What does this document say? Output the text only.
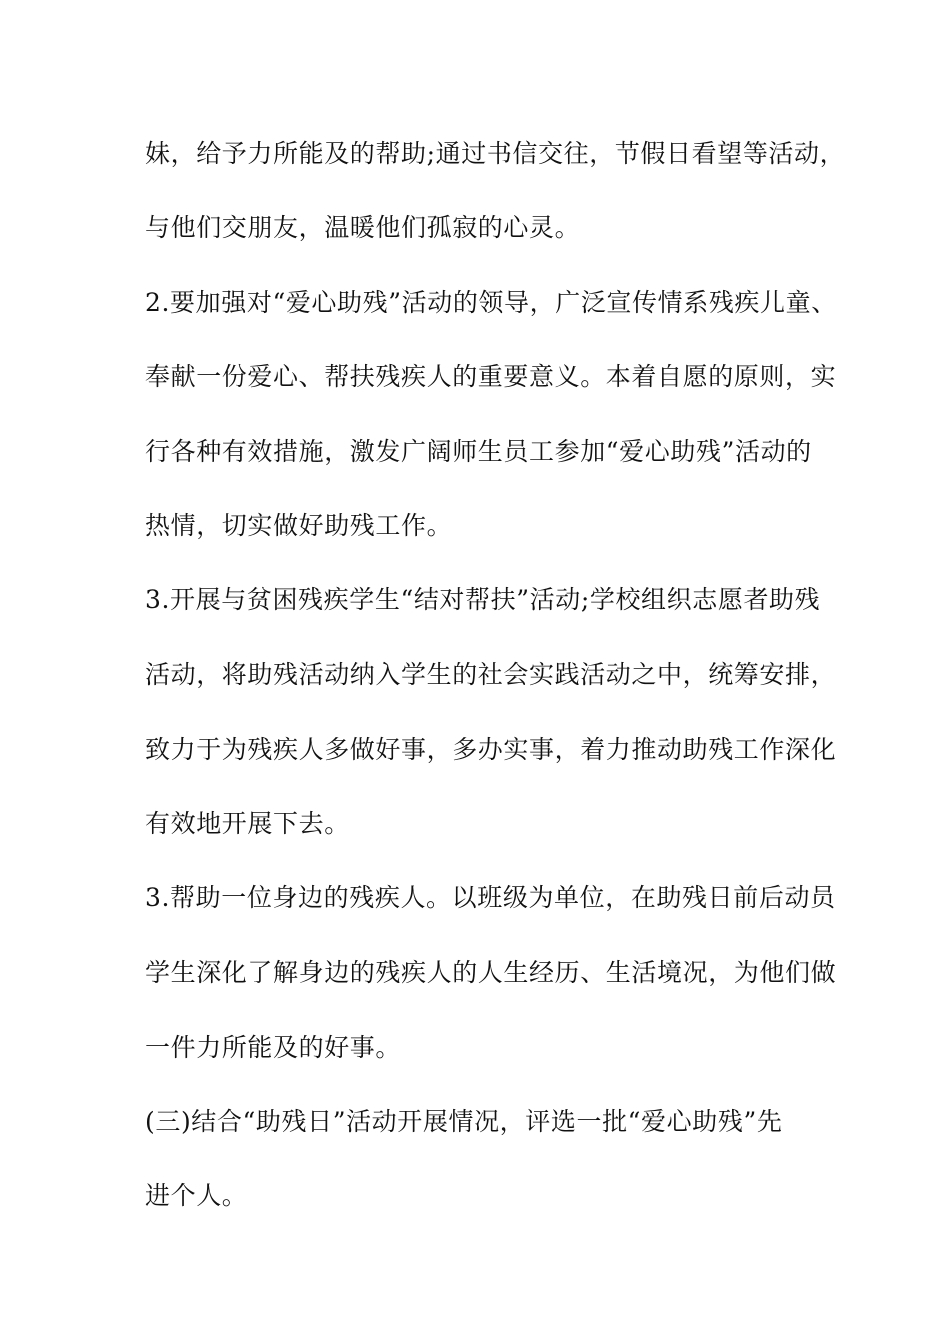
妹，给予力所能及的帮助;通过书信交往，节假日看望等活动，
与他们交朋友，温暖他们孤寂的心灵。
2.要加强对“爱心助残”活动的领导，广泛宣传情系残疾儿童、
奉献一份爱心、帮扶残疾人的重要意义。本着自愿的原则，实
行各种有效措施，激发广阔师生员工参加“爱心助残”活动的
热情，切实做好助残工作。
3.开展与贫困残疾学生“结对帮扶”活动;学校组织志愿者助残
活动，将助残活动纳入学生的社会实践活动之中，统筹安排，
致力于为残疾人多做好事，多办实事，着力推动助残工作深化
有效地开展下去。
3.帮助一位身边的残疾人。以班级为单位，在助残日前后动员
学生深化了解身边的残疾人的人生经历、生活境况，为他们做
一件力所能及的好事。
(三)结合“助残日”活动开展情况，评选一批“爱心助残”先
进个人。
